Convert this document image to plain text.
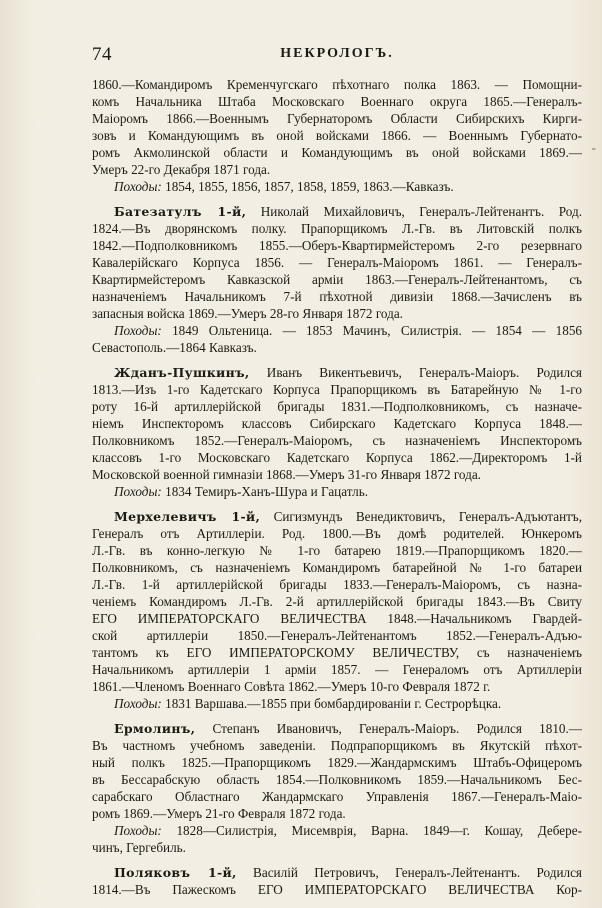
74	НЕКРОЛОГЪ.
-
1860.—Командиромъ Кременчугскаго пѣхотнаго полка 1863. — Помощни-
комъ Начальника Штаба Московскаго Военнаго округа 1865.—Генералъ-
Маіоромъ 1866.—Военнымъ Губернаторомъ Области Сибирскихъ Кирги-
зовъ и Командующимъ въ оной войсками 1866. — Военнымъ Губернато-
ромъ Акмолинской области и Командующимъ въ оной войсками 1869.—
Умеръ 22-го Декабря 1871 года.
Походы: 1854, 1855, 1856, 1857, 1858, 1859, 1863.—Кавказъ.
Батезатулъ 1-й, Николай Михайловичъ, Генералъ-Лейтенантъ. Род.
1824.—Въ дворянскомъ полку. Прапорщикомъ Л.-Гв. въ Литовскій полкъ
1842.—Подполковникомъ 1855.—Оберъ-Квартирмейстеромъ 2-го резервнаго
Кавалерійскаго Корпуса 1856. — Генералъ-Маіоромъ 1861. — Генералъ-
Квартирмейстеромъ Кавказской арміи 1863.—Генералъ-Лейтенантомъ, съ
назначеніемъ Начальникомъ 7-й пѣхотной дивизіи 1868.—Зачисленъ въ
запасныя войска 1869.—Умеръ 28-го Января 1872 года.
Походы: 1849 Ольтеница. — 1853 Мачинъ, Силистрія. — 1854 — 1856
Севастополь.—1864 Кавказъ.
Жданъ-Пушкинъ, Иванъ Викентьевичъ, Генералъ-Маіоръ. Родился
1813.—Изъ 1-го Кадетскаго Корпуса Прапорщикомъ въ Батарейную № 1-го
роту 16-й артиллерійской бригады 1831.—Подполковникомъ, съ назначе-
ніемъ Инспекторомъ классовъ Сибирскаго Кадетскаго Корпуса 1848.—
Полковникомъ 1852.—Генералъ-Маіоромъ, съ назначеніемъ Инспекторомъ
классовъ 1-го Московскаго Кадетскаго Корпуса 1862.—Директоромъ 1-й
Московской военной гимназіи 1868.—Умеръ 31-го Января 1872 года.
Походы: 1834 Темиръ-Ханъ-Шура и Гацатль.
Мерхелевичъ 1-й, Сигизмундъ Венедиктовичъ, Генералъ-Адъютантъ,
Генералъ отъ Артиллеріи. Род. 1800.—Въ домѣ родителей. Юнкеромъ
Л.-Гв. въ конно-легкую № 1-го батарею 1819.—Прапорщикомъ 1820.—
Полковникомъ, съ назначеніемъ Командиромъ батарейной № 1-го батареи
Л.-Гв. 1-й артиллерійской бригады 1833.—Генералъ-Маіоромъ, съ назна-
ченіемъ Командиромъ Л.-Гв. 2-й артиллерійской бригады 1843.—Въ Свиту
ЕГО ИМПЕРАТОРСКАГО ВЕЛИЧЕСТВА 1848.—Начальникомъ Гвардей-
ской артиллеріи 1850.—Генералъ-Лейтенантомъ 1852.—Генералъ-Адъю-
тантомъ къ ЕГО ИМПЕРАТОРСКОМУ ВЕЛИЧЕСТВУ, съ назначеніемъ
Начальникомъ артиллеріи 1 арміи 1857. — Генераломъ отъ Артиллеріи
1861.—Членомъ Военнаго Совѣта 1862.—Умеръ 10-го Февраля 1872 г.
Походы: 1831 Варшава.—1855 при бомбардированіи г. Сестрорѣцка.
Ермолинъ, Степанъ Ивановичъ, Генералъ-Маіоръ. Родился 1810.—
Въ частномъ учебномъ заведеніи. Подпрапорщикомъ въ Якутскій пѣхот-
ный полкъ 1825.—Прапорщикомъ 1829.—Жандармскимъ Штабъ-Офицеромъ
въ Бессарабскую область 1854.—Полковникомъ 1859.—Начальникомъ Бес-
сарабскаго Областнаго Жандармскаго Управленія 1867.—Генералъ-Маіо-
ромъ 1869.—Умеръ 21-го Февраля 1872 года.
Походы: 1828—Силистрія, Мисемврія, Варна. 1849—г. Кошау, Деберe-
чинъ, Гергебиль.
Поляковъ 1-й, Василій Петровичъ, Генералъ-Лейтенантъ. Родился
1814.—Въ Пажескомъ ЕГО ИМПЕРАТОРСКАГО ВЕЛИЧЕСТВА Кор-
